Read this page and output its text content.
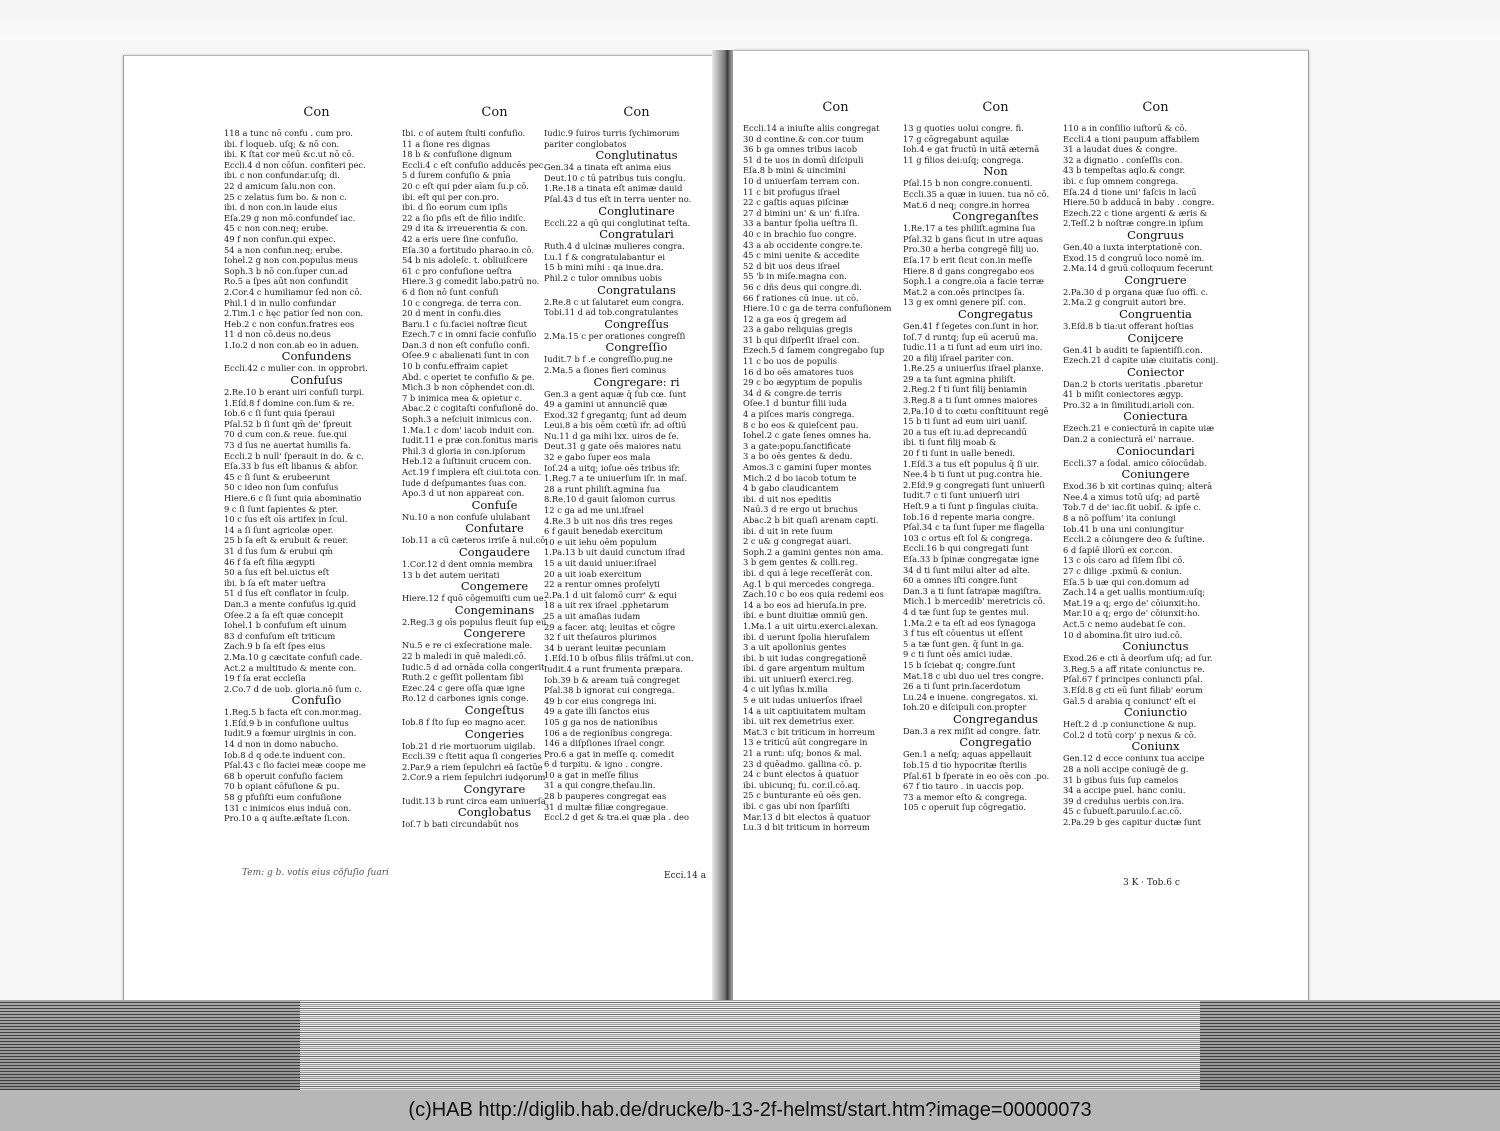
Con
118 a tunc nō confu . cum pro.
ibi. f loqueb. uſq; & nō con.
ibi. K ſtat cor meū &c.ut nō cō.
Eccli.4 d non cōſun. confiteri pec.
ibi. c non confundar.uſq; di.
22 d amicum ſalu.non con.
25 c zelatus ſum bo. & non c.
ibi. d non con.in laude eius
Eſa.29 g non mō.confundeſ iac.
45 c non con.neq; erube.
49 f non confun.qui expec.
54 a non confun.neq; erube.
Iohel.2 g non con.populus meus
Soph.3 b nō con.ſuper cun.ad
Ro.5 a ſpes aūt non confundit
2.Cor.4 c humiliamur ſed non cō.
Phil.1 d in nullo confundar
2.Tim.1 c hęc patior ſed non con.
Heb.2 c non confun.fratres eos
11 d non cō.deus no.deus
1.Io.2 d non con.ab eo in aduen.
Confundens
Eccli.42 c mulier con. in opprobri.
Confuſus
2.Re.10 b erant uiri confuſi turpi.
1.Eſd.8 f domine con.ſum & re.
Iob.6 c ſi ſunt quia ſperaui
Pſal.52 b ſi ſunt qm̄ de' ſpreuit
70 d cum con.& reue. ſue.qui
73 d ſus ne auertat humilis fa.
Eccli.2 b null' ſperauit in do. & c.
Eſa.33 b ſus eſt libanus & abſor.
45 c ſi ſunt & erubeerunt
50 c ideo non ſum confuſus
Hiere.6 c ſi ſunt quia abominatio
9 c ſi ſunt ſapientes & pter.
10 c ſus eſt oīs artifex in ſcul.
14 a ſi ſunt agricolæ oper.
25 b ſa eſt & erubuit & reuer.
31 d ſus ſum & erubui qm̄
46 f ſa eſt filia ægypti
50 a ſus eſt bel.uictus eſt
ibi. b ſa eſt mater ueſtra
51 d ſus eſt conflator in ſculp.
Dan.3 a mente confuſus ig.quid
Oſee.2 a ſa eſt quæ concepit
Iohel.1 b confuſum eſt uinum
83 d confuſum eſt triticum
Zach.9 b ſa eſt ſpes eius
2.Ma.10 g cæcitate confuſi cade.
Act.2 a multitudo & mente con.
19 f ſa erat eccleſia
2.Co.7 d de uob. gloria.nō ſum c.
Confuſio
1.Reg.5 b facta eſt con.mor.mag.
1.Eſd.9 b in confuſione uultus
Iudit.9 a fœmur uirginis in con.
14 d non in domo nabucho.
Iob.8 d q ode.te induent con.
Pſal.43 c ſio faciei meæ coope me
68 b operuit confuſio faciem
70 b opiant cōfuſione & pu.
58 g pfuſiſti eum confuſione
131 c inimicos eius induā con.
Pro.10 a q auſte.æſtate ſi.con.
Con
Ibi. c oſ autem ſtulti confuſio.
11 a ſione res dignas
18 b & confuſione dignum
Eccli.4 c eſt confuſio adducēs pec.
5 d ſurem confuſio & pnīa
20 c eſt qui pder aīam ſu.p cō.
ibi. eſt qui per con.pro.
ibi. d ſio eorum cum ipſis
22 a ſio pſis eſt de filio indiſc.
29 d ita & irreuerentia & con.
42 a eris uere ſine confuſio.
Eſa.30 a fortitudo pharao.in cō.
54 b nis adoleſc. t. obliuiſcere
61 c pro confuſione ueſtra
Hiere.3 g comedit labo.patrū no.
6 d ſion nō ſunt confuſi
10 c congrega. de terra con.
20 d ment in confu.dies
Baru.1 c ſu.faciei noſtræ ſicut
Ezech.7 c in omni facie confuſio
Dan.3 d non eſt confuſio confi.
Oſee.9 c abalienati ſunt in con
10 b confu.effraim capiet
Abd. c operiet te confuſio & pe.
Mich.3 b non cōphendet con.di.
7 b inimica mea & opietur c.
Abac.2 c cogitaſti confuſionē do.
Soph.3 a neſciuit inimicus con.
1.Ma.1 c dom' iacob induit con.
Iudit.11 e præ con.ſonitus maris
Phil.3 d gloria in con.ipſorum
Heb.12 a ſuſtinuit crucem con.
Act.19 f implera eſt ciui.tota con.
Iude d deſpumantes ſuas con.
Apo.3 d ut non appareat con.
Confuſe
Nu.10 a non confuſe ululabant
Confutare
Iob.11 a cū cæteros irriſe ā nul.cō.
Congaudere
1.Cor.12 d dent omnia membra
13 b det autem ueritati
Congemere
Hiere.12 f quō cōgemuiſti cum ue.
Congeminans
2.Reg.3 g oīs populus fleuit ſup eū
Congerere
Nu.5 e re ci exſecratione male.
22 b maledi in quē maledi.cō.
Iudic.5 d ad ornāda colla congerit
Ruth.2 c geſſit pollentam ſibi
Ezec.24 c gere oſſa quæ igne
Ro.12 d carbones ignis conge.
Congeſtus
Iob.8 f ſto ſup eo magno acer.
Congeries
Iob.21 d rie mortuorum uigilab.
Eccli.39 c ſtetit aqua ſi congeries
2.Par.9 a riem ſepulchri eā ſactūe
2.Cor.9 a riem ſepulchri iudęorum
Congyrare
Iudit.13 b runt circa eam uniuerſa
Conglobatus
Ioſ.7 b bati circundabūt nos
Con
Iudic.9 ſuiros turris ſychimorum
pariter conglobatos
Conglutinatus
Gen.34 a tinata eſt anima eius
Deut.10 c tū patribus tuis conglu.
1.Re.18 a tinata eſt animæ dauid
Pſal.43 d tus eſt in terra uenter no.
Conglutinare
Eccli.22 a qū qui conglutinat teſta.
Congratulari
Ruth.4 d ulcinæ mulieres congra.
Lu.1 f & congratulabantur ei
15 b mini mihi : qa inue.dra.
Phil.2 c tulor omnibus uobis
Congratulans
2.Re.8 c ut ſalutaret eum congra.
Tobi.11 d ad tob.congratulantes
Congreſſus
2.Ma.15 c per orationes congreſſi
Congreſſio
Iudit.7 b f .e congreſſio.pug.ne
2.Ma.5 a ſiones fieri cominus
Congregare: ri
Gen.3 a gent aquæ q̄ ſub cœ. ſunt
49 a gamini ut annunciē quæ
Exod.32 f gregantq; ſunt ad deum
Leui.8 a bis oēm cœtū ifr. ad oſtiū
Nu.11 d ga mihi lxx. uiros de ſe.
Deut.31 g gate oēs maiores natu
32 e gabo ſuper eos mala
Ioſ.24 a uitq; ioſue oēs tribus iſr.
1.Reg.7 a te uniuerſum iſr. in maſ.
28 a runt philiſt.agmina ſua
8.Re.10 d gauit ſalomon currus
12 c ga ad me uni.iſrael
4.Re.3 b uit nos dñs tres reges
6 f gauit benedab exercitum
10 e uit iehu oēm populum
1.Pa.13 b uit dauid cunctum iſrad
15 a uit dauid uniuer.iſrael
20 a uit ioab exercitum
22 a rentur omnes proſelyti
2.Pa.1 d uit ſalomō curr' & equi
18 a uit rex iſrael .pphetarum
25 a uit amaſias iudam
29 a facer. atq; leuitas et cōgre
32 f uit theſauros plurimos
34 b uerant leuitæ pecuniam
1.Eſd.10 b oſbus filiis trāſmi.ut con.
Iudit.4 a runt frumenta præpara.
Iob.39 b & aream tuā congreget
Pſal.38 b ignorat cui congrega.
49 b cor eius congrega ini.
49 a gate illi ſanctos eius
105 g ga nos de nationibus
106 a de regionibus congrega.
146 a diſpſiones iſrael congr.
Pro.6 a gat in meſſe q. comedit
6 d turpitu. & igno . congre.
10 a gat in meſſe filius
31 a qui congre.theſau.lin.
28 b pauperes congregat eas
31 d multæ filiæ congregaue.
Eccl.2 d get & tra.ei quæ pla . deo
Tem: g b. votis eius cōfuſio ſuari	Ecci.14 a
Con
Eccli.14 a iniuſte aliis congregat
30 d contine.& con.cor tuum
36 b ga omnes tribus iacob
51 d te uos in domū diſcipuli
Eſa.8 b mini & uincimini
10 d uniuerſam terram con.
11 c bit profugus iſrael
22 c gaſtis aquas piſcinæ
27 d bimini un' & un' fi.iſra.
33 a bantur ſpolia ueſtra ſi.
40 c in brachio ſuo congre.
43 a ab occidente congre.te.
45 c mini uenite & accedite
52 d bit uos deus iſrael
55 'b in miſe.magna con.
56 c dñs deus qui congre.di.
66 f rationes cū inue. ut cō.
Hiere.10 c ga de terra confuſionem
12 a ga eos q̄ gregem ad
23 a gabo reliquias gregis
31 b qui diſperſit iſrael con.
Ezech.5 d ſamem congregabo ſup
11 c bo uos de populis
16 d bo oēs amatores tuos
29 c bo ægyptum de populis
34 d & congre.de terris
Oſee.1 d buntur filii iuda
4 a piſces maris congrega.
8 c bo eos & quieſcent pau.
Iohel.2 c gate ſenes omnes ha.
3 a gate:popu.ſanctificate
3 a bo oēs gentes & dedu.
Amos.3 c gamini ſuper montes
Mich.2 d bo iacob totum te
4 b gabo claudicantem
ibi. d uit nos epeditis
Naū.3 d re ergo ut bruchus
Abac.2 b bit quaſi arenam capti.
ibi. d uit in rete ſuum
2 c u& g congregat auari.
Soph.2 a gamini gentes non ama.
3 b gem gentes & colli.reg.
ibi. d qui ā lege receſſerāt con.
Ag.1 b qui mercedes congrega.
Zach.10 c bo eos quia redemi eos
14 a bo eos ad hieruſa.in pre.
ibi. e bunt diuitiæ omniū gen.
1.Ma.1 a uit uirtu.exerci.alexan.
ibi. d uerunt ſpolia hieruſalem
3 a uit apollonius gentes
ibi. b uit iudas congregationē
ibi. d gare argentum multum
ibi. uit uniuerſi exerci.reg.
4 c uit lyſias lx.milia
5 e uit iudas uniuerſos iſrael
14 a uit captiuitatem multam
ibi. uit rex demetrius exer.
Mat.3 c bit triticum in horreum
13 e triticū aūt congregare in
21 a runt: uſq; bonos & mal.
23 d quēadmo. gallina cō. p.
24 c bunt electos ā quatuor
ibi. ubicunq; fu. cor.il.cō.aq.
25 c bunturante eū oēs gen.
ibi. c gas ubi non ſparſiſti
Mar.13 d bit electos ā quatuor
Lu.3 d bit triticum in horreum
Con
13 g quoties uolui congre. fi.
17 g cōgregabunt aquilæ
Ioh.4 e gat fructū in uitā æternā
11 g filios dei:uſq; congrega.
Non
Pſal.15 b non congre.conuenti.
Eccli.35 a quæ in iuuen. tua nō cō.
Mat.6 d neq; congre.in horrea
Congreganſtes
1.Re.17 a tes philiſt.agmina ſua
Pſal.32 b gans ſicut in utre aquas
Pro.30 a herba congregē filij uo.
Eſa.17 b erit ſicut con.in meſſe
Hiere.8 d gans congregabo eos
Soph.1 a congre.oīa a facie terræ
Mat.2 a con.oēs principes ſa.
13 g ex omni genere piſ. con.
Congregatus
Gen.41 f ſegetes con.ſunt in hor.
Ioſ.7 d runtq; ſup eū aceruū ma.
Iudic.11 a ti ſunt ad eum uiri ino.
20 a filij iſrael pariter con.
1.Re.25 a uniuerſus iſrael planxe.
29 a ta ſunt agmina philiſt.
2.Reg.2 f ti ſunt filij beniamin
3.Reg.8 a ti ſunt omnes maiores
2.Pa.10 d to cœtu conſtituunt regē
15 b ti ſunt ad eum uiri uaniſ.
20 a tus eſt iu.ad deprecandū
ibi. ti ſunt filij moab &
20 f ti ſunt in ualle benedi.
1.Eſd.3 a tus eſt populus q̄ ſi uir.
Nee.4 b ti ſunt ut pug.contra hie.
2.Eſd.9 g congregati ſunt uniuerſi
Iudit.7 c ti ſunt uniuerſi uiri
Heſt.9 a ti ſunt p ſingulas ciuita.
Iob.16 d repente maria congre.
Pſal.34 c ta ſunt ſuper me flagella
103 c ortus eſt ſol & congrega.
Eccli.16 b qui congregati ſunt
Eſa.33 b ſpinæ congregatæ igne
34 d ti ſunt milui alter ad alte.
60 a omnes iſti congre.ſunt
Dan.3 a ti ſunt ſatrapæ magiſtra.
Mich.1 b mercedib' meretricis cō.
4 d tæ ſunt ſup te gentes mul.
1.Ma.2 e ta eſt ad eos ſynagoga
3 f tus eſt cōuentus ut eſſent
5 a tæ ſunt gen. q̄ ſunt in ga.
9 c ti ſunt oēs amici iudæ.
15 b ſciebat q; congre.ſunt
Mat.18 c ubi duo uel tres congre.
26 a ti ſunt prin.ſacerdotum
Lu.24 e inuene. congregatos. xi.
Ioh.20 e diſcipuli con.propter
Congregandus
Dan.3 a rex miſit ad congre. ſatr.
Congregatio
Gen.1 a neſq; aquas appellauit
Iob.15 d tio hypocritæ ſterilis
Pſal.61 b ſperate in eo oēs con .po.
67 f tio tauro . in uaccis pop.
73 a memor eſto & congrega.
105 c operuit ſup cōgregatio.
Con
110 a in conſilio iuſtorū & cō.
Eccli.4 a tioni paupum affabilem
31 a laudat dues & congre.
32 a dignatio . conſeſſis con.
43 b tempeſtas aqlo.& congr.
ibi. c ſup omnem congrega.
Eſa.24 d tione uni' faſcis in lacū
Hiere.50 b adducā in baby . congre.
Ezech.22 c tione argenti & æris &
2.Teſſ.2 b noſtræ congre.in ipſum
Congruus
Gen.40 a iuxta interptationē con.
Exod.15 d congruū loco nomē im.
2.Ma.14 d gruū colloquum fecerunt
Congruere
2.Pa.30 d p organa quæ ſuo offi. c.
2.Ma.2 g congruit autori bre.
Congruentia
3.Eſd.8 b tia:ut offerant hoſtias
Conijcere
Gen.41 b auditi te ſapientiſſi.con.
Ezech.21 d capite uiæ ciuitatis conij.
Coniector
Dan.2 b ctoris ueritatis .pbaretur
41 b miſit coniectores ægyp.
Pro.32 a in ſimilitudi.arioli con.
Coniectura
Ezech.21 e coniecturā in capite uiæ
Dan.2 a coniecturā ei' narraue.
Coniocundari
Eccli.37 a ſodal. amico cōiocūdab.
Coniungere
Exod.36 b xit cortinas quinq; alterā
Nee.4 a ximus totū uſq; ad partē
Tob.7 d de' iac.ſit uobiſ. & ipſe c.
8 a nō poſſum' ita coniungi
Iob.41 b una uni coniungitur
Eccli.2 a cōiungere deo & ſuſtine.
6 d ſapiē illorū ex cor.con.
13 c oīs caro ad ſiſem ſibi cō.
27 c dilige .pximū & coniun.
Eſa.5 b uæ qui con.domum ad
Zach.14 a get uallis montium:uſq;
Mat.19 a q; ergo de' cōiunxit:ho.
Mar.10 a q; ergo de' cōiunxit:ho.
Act.5 c nemo audebat ſe con.
10 d abomina.ſit uiro iud.cō.
Coniunctus
Exod.26 e cti ā deorſum uſq; ad ſur.
3.Reg.5 a aff̄ ritate coniunctus re.
Pſal.67 f principes coniuncti pſal.
3.Eſd.8 g cti eū ſunt filiab' eorum
Gal.5 d arabia q coniunct' eſt ei
Coniunctio
Heſt.2 d .p coniunctione & nup.
Col.2 d totū corp' p nexus & cō.
Coniunx
Gen.12 d ecce coniunx tua accipe
28 a noli accipe coniugē de g.
31 b gibus ſuis ſup camelos
34 a accipe puel. hanc coniu.
39 d credulus uerbis con.ira.
45 c ſubueſt.paruulo.ſ.ac.cō.
2.Pa.29 b ges capitur ductæ ſunt
3 K · Tob.6 c
(c)HAB http://diglib.hab.de/drucke/b-13-2f-helmst/start.htm?image=00000073
